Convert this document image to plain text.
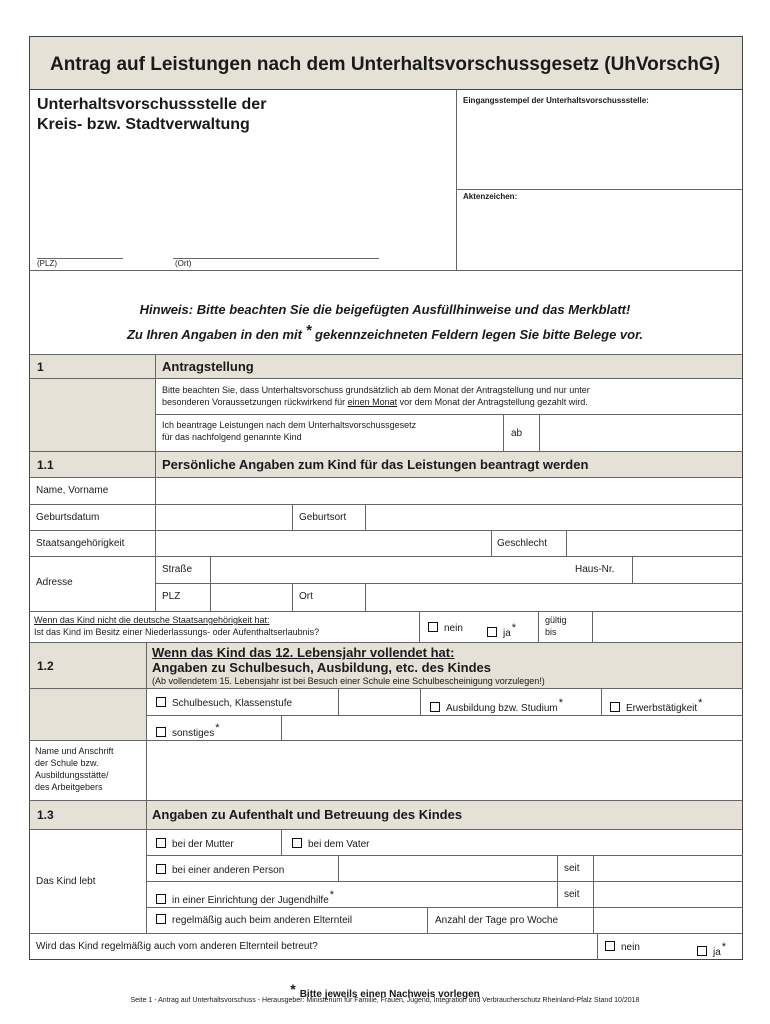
Antrag auf Leistungen nach dem Unterhaltsvorschussgesetz (UhVorschG)
Unterhaltsvorschussstelle der
Kreis- bzw. Stadtverwaltung
(PLZ)	(Ort)
Eingangsstempel der Unterhaltsvorschussstelle:
Aktenzeichen:
Hinweis: Bitte beachten Sie die beigefügten Ausfüllhinweise und das Merkblatt!
Zu Ihren Angaben in den mit * gekennzeichneten Feldern legen Sie bitte Belege vor.
1	Antragstellung
Bitte beachten Sie, dass Unterhaltsvorschuss grundsätzlich ab dem Monat der Antragstellung und nur unter
besonderen Voraussetzungen rückwirkend für einen Monat vor dem Monat der Antragstellung gezahlt wird.
Ich beantrage Leistungen nach dem Unterhaltsvorschussgesetz
für das nachfolgend genannte Kind	ab
1.1	Persönliche Angaben zum Kind für das Leistungen beantragt werden
Name, Vorname
Geburtsdatum	Geburtsort
Staatsangehörigkeit	Geschlecht
Adresse
Straße	Haus-Nr.
PLZ	Ort
Wenn das Kind nicht die deutsche Staatsangehörigkeit hat:
Ist das Kind im Besitz einer Niederlassungs- oder Aufenthaltserlaubnis?	nein	ja*
gültig
bis
1.2
Wenn das Kind das 12. Lebensjahr vollendet hat:
Angaben zu Schulbesuch, Ausbildung, etc. des Kindes
(Ab vollendetem 15. Lebensjahr ist bei Besuch einer Schule eine Schulbescheinigung vorzulegen!)
Schulbesuch, Klassenstufe	Ausbildung bzw. Studium*	Erwerbstätigkeit*
sonstiges*
Name und Anschrift
der Schule bzw.
Ausbildungsstätte/
des Arbeitgebers
1.3	Angaben zu Aufenthalt und Betreuung des Kindes
Das Kind lebt
bei der Mutter	bei dem Vater
bei einer anderen Person	seit
in einer Einrichtung der Jugendhilfe*	seit
regelmäßig auch beim anderen Elternteil	Anzahl der Tage pro Woche
Wird das Kind regelmäßig auch vom anderen Elternteil betreut?	nein	ja*
* Bitte jeweils einen Nachweis vorlegen
Seite 1 - Antrag auf Unterhaltsvorschuss - Herausgeber: Ministerium für Familie, Frauen, Jugend, Integration und Verbraucherschutz Rheinland-Pfalz Stand 10/2018
